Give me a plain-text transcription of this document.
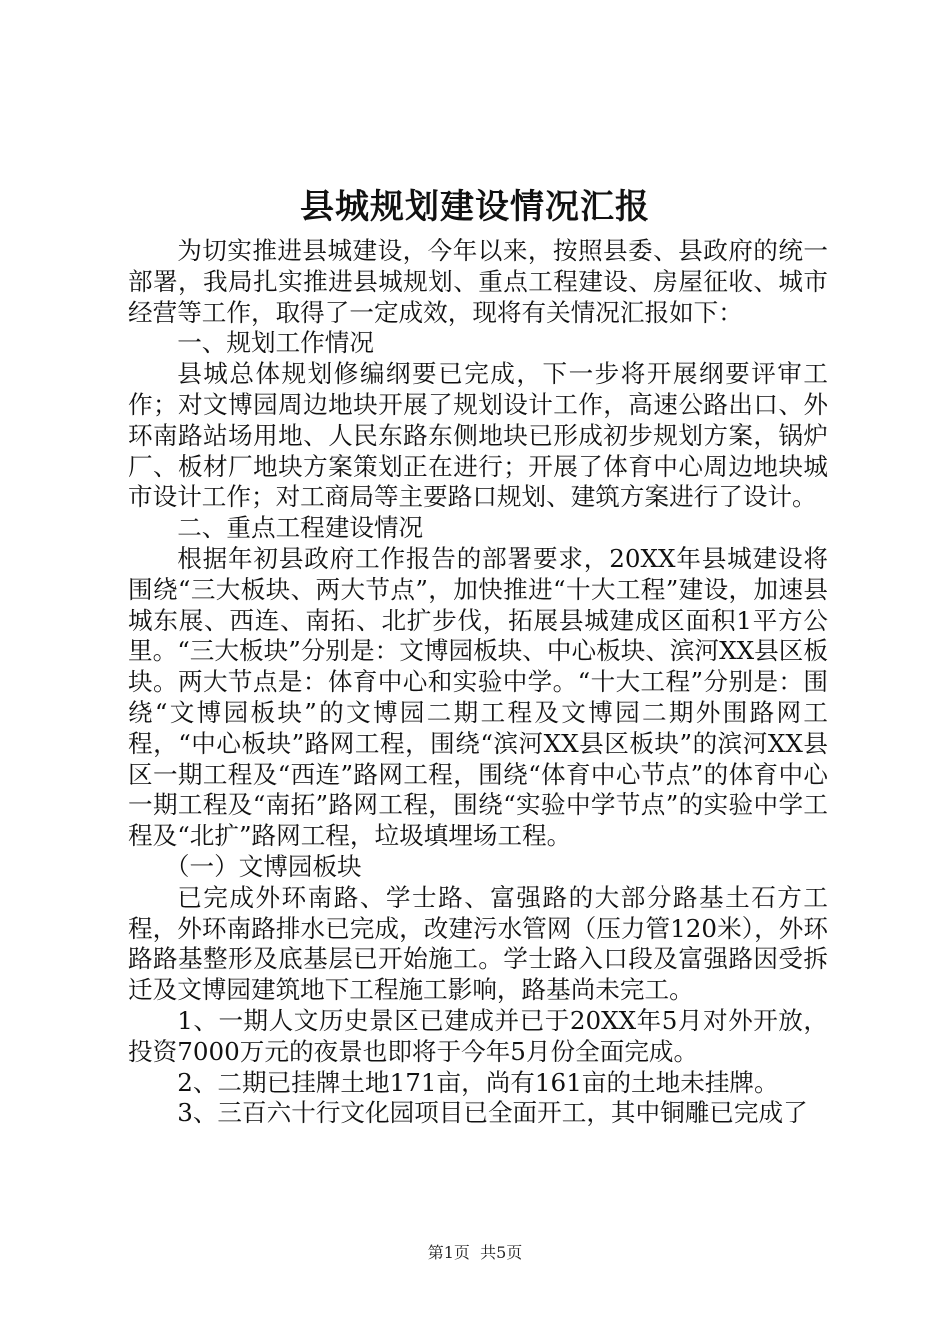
县城规划建设情况汇报

为切实推进县城建设，今年以来，按照县委、县政府的统一部署，我局扎实推进县城规划、重点工程建设、房屋征收、城市经营等工作，取得了一定成效，现将有关情况汇报如下：

一、规划工作情况

县城总体规划修编纲要已完成，下一步将开展纲要评审工作；对文博园周边地块开展了规划设计工作，高速公路出口、外环南路站场用地、人民东路东侧地块已形成初步规划方案，锅炉厂、板材厂地块方案策划正在进行；开展了体育中心周边地块城市设计工作；对工商局等主要路口规划、建筑方案进行了设计。

二、重点工程建设情况

根据年初县政府工作报告的部署要求，20XX年县城建设将围绕“三大板块、两大节点”，加快推进“十大工程”建设，加速县城东展、西连、南拓、北扩步伐，拓展县城建成区面积1平方公里。“三大板块”分别是：文博园板块、中心板块、滨河XX县区板块。两大节点是：体育中心和实验中学。“十大工程”分别是：围绕“文博园板块”的文博园二期工程及文博园二期外围路网工程，“中心板块”路网工程，围绕“滨河XX县区板块”的滨河XX县区一期工程及“西连”路网工程，围绕“体育中心节点”的体育中心一期工程及“南拓”路网工程，围绕“实验中学节点”的实验中学工程及“北扩”路网工程，垃圾填埋场工程。

（一）文博园板块

已完成外环南路、学士路、富强路的大部分路基土石方工程，外环南路排水已完成，改建污水管网（压力管120米），外环路路基整形及底基层已开始施工。学士路入口段及富强路因受拆迁及文博园建筑地下工程施工影响，路基尚未完工。

1、一期人文历史景区已建成并已于20XX年5月对外开放，投资7000万元的夜景也即将于今年5月份全面完成。

2、二期已挂牌土地171亩，尚有161亩的土地未挂牌。

3、三百六十行文化园项目已全面开工，其中铜雕已完成了

第1页 共5页
